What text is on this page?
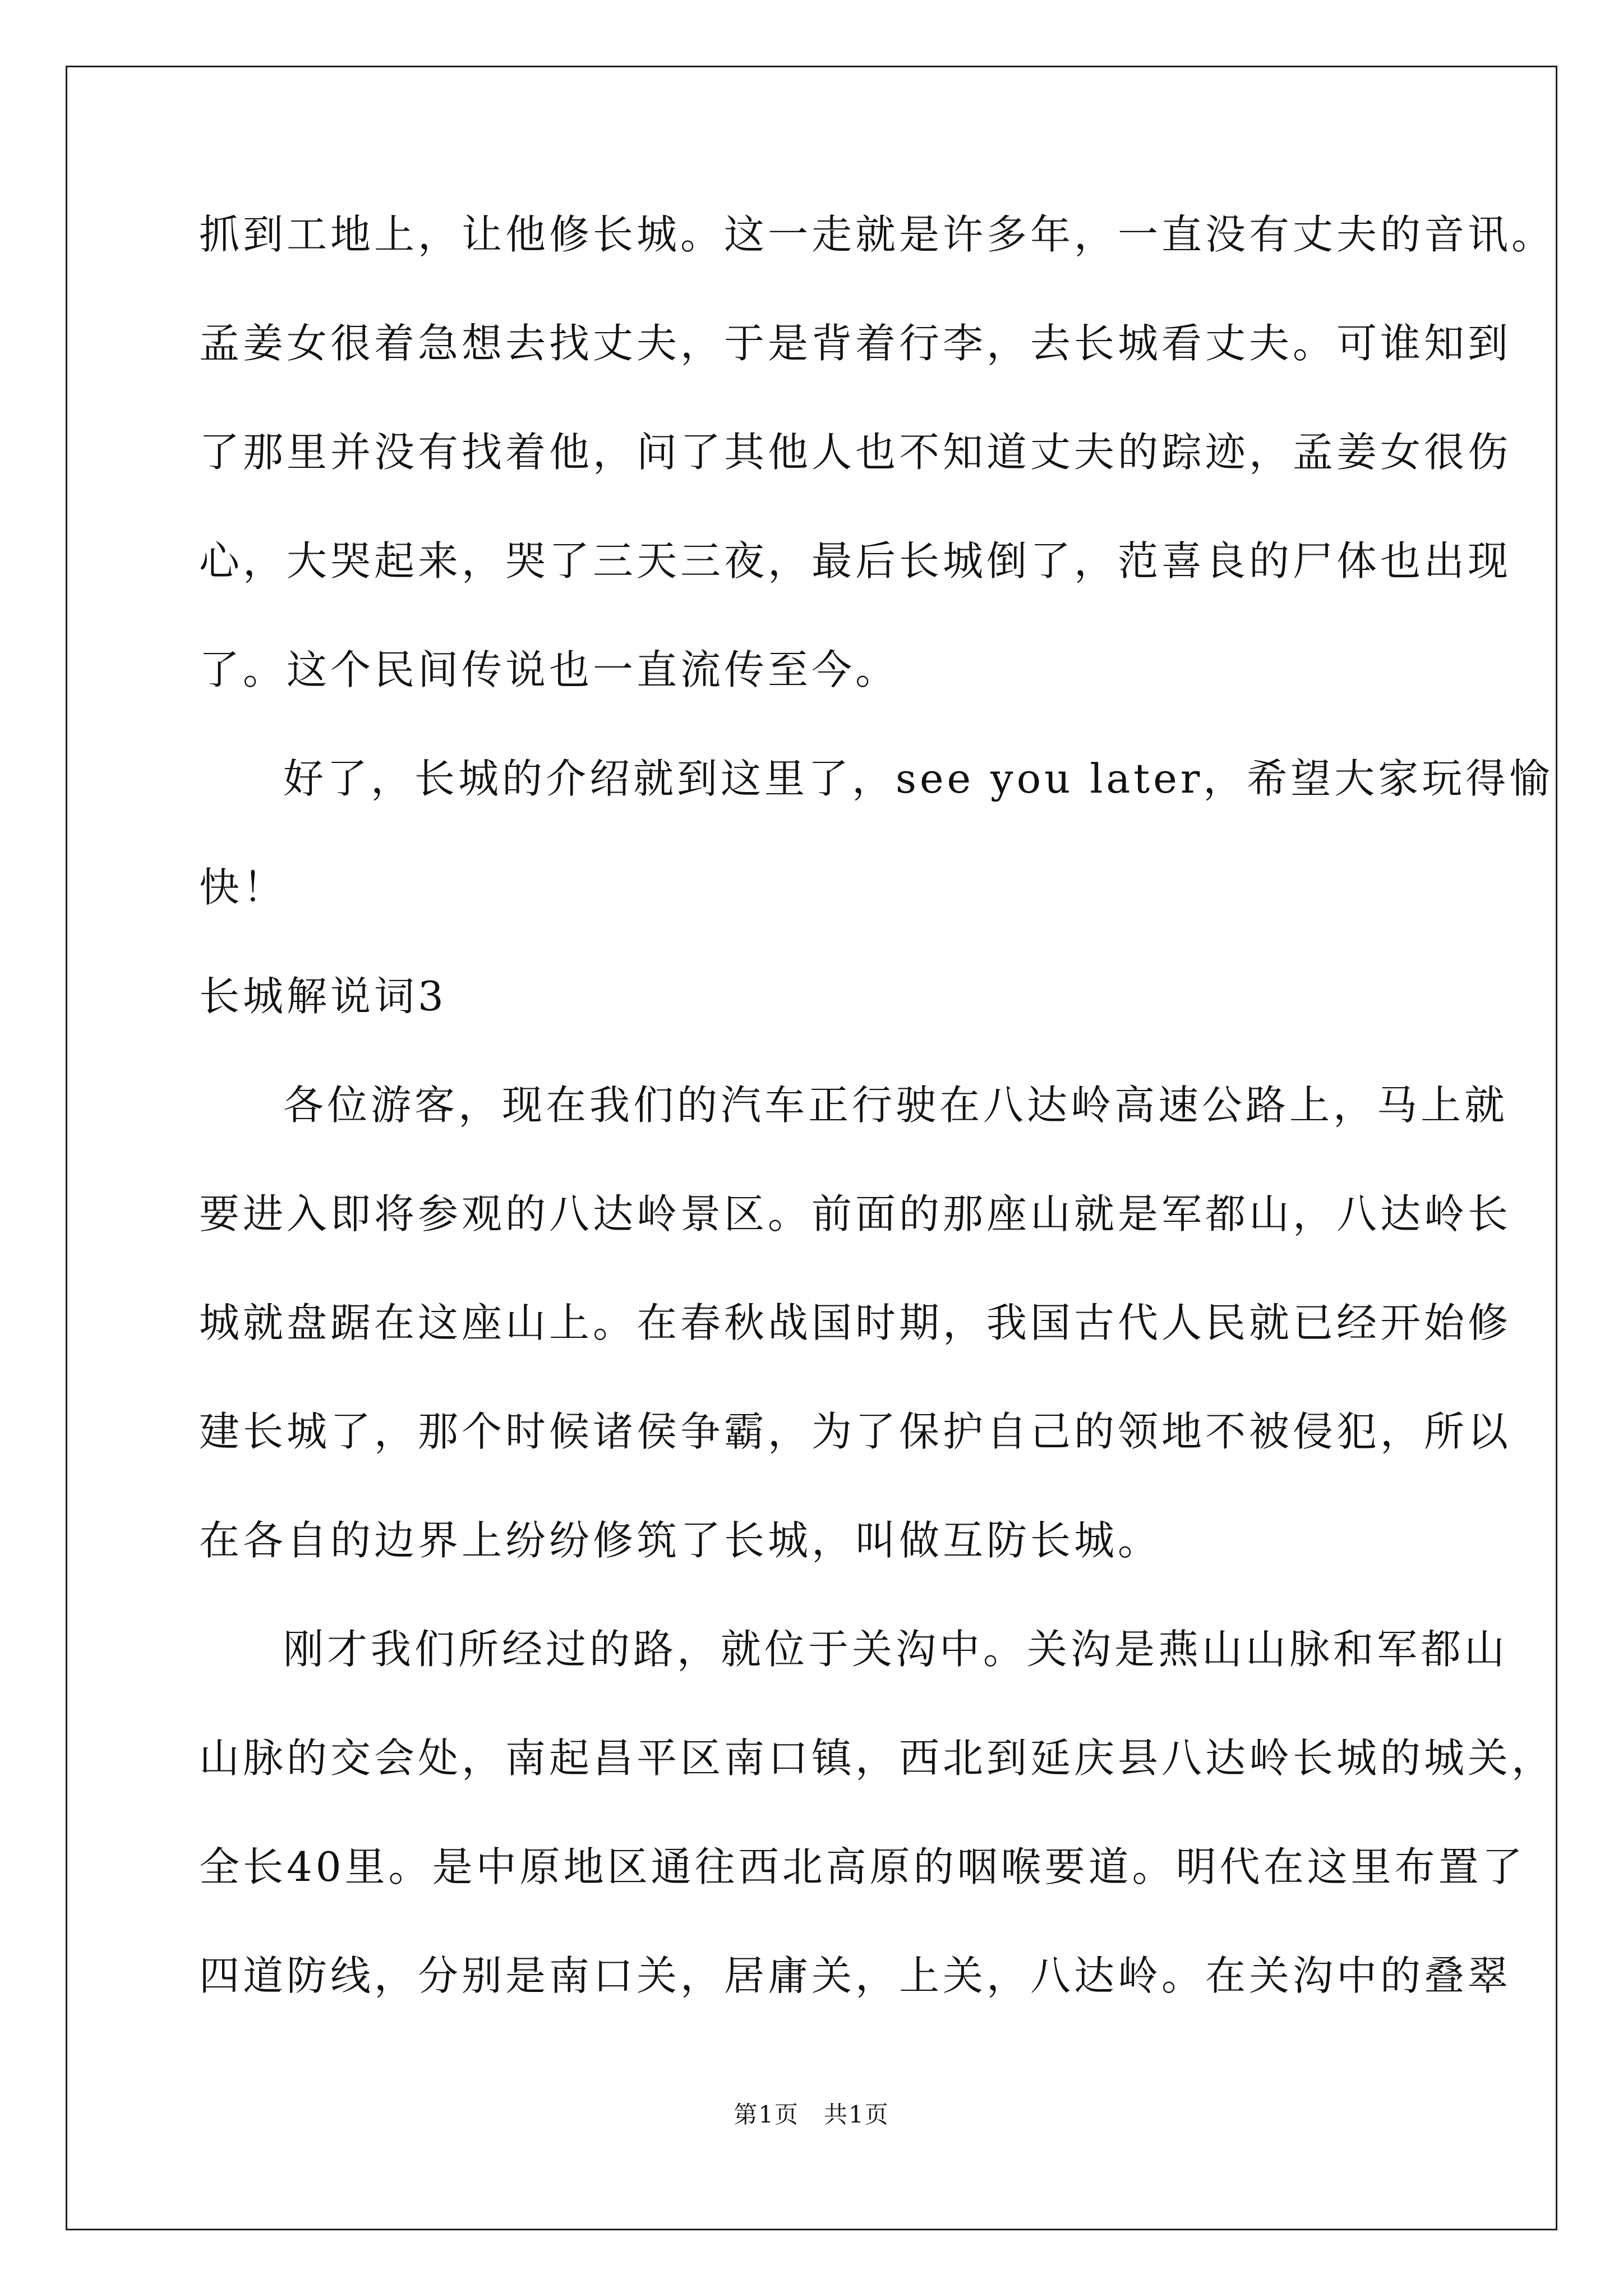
抓到工地上，让他修长城。这一走就是许多年，一直没有丈夫的音讯。
孟姜女很着急想去找丈夫，于是背着行李，去长城看丈夫。可谁知到
了那里并没有找着他，问了其他人也不知道丈夫的踪迹，孟姜女很伤
心，大哭起来，哭了三天三夜，最后长城倒了，范喜良的尸体也出现
了。这个民间传说也一直流传至今。
好了，长城的介绍就到这里了，see you later，希望大家玩得愉
快！
长城解说词3
各位游客，现在我们的汽车正行驶在八达岭高速公路上，马上就
要进入即将参观的八达岭景区。前面的那座山就是军都山，八达岭长
城就盘踞在这座山上。在春秋战国时期，我国古代人民就已经开始修
建长城了，那个时候诸侯争霸，为了保护自己的领地不被侵犯，所以
在各自的边界上纷纷修筑了长城，叫做互防长城。
刚才我们所经过的路，就位于关沟中。关沟是燕山山脉和军都山
山脉的交会处，南起昌平区南口镇，西北到延庆县八达岭长城的城关，
全长40里。是中原地区通往西北高原的咽喉要道。明代在这里布置了
四道防线，分别是南口关，居庸关，上关，八达岭。在关沟中的叠翠
第1页　共1页
